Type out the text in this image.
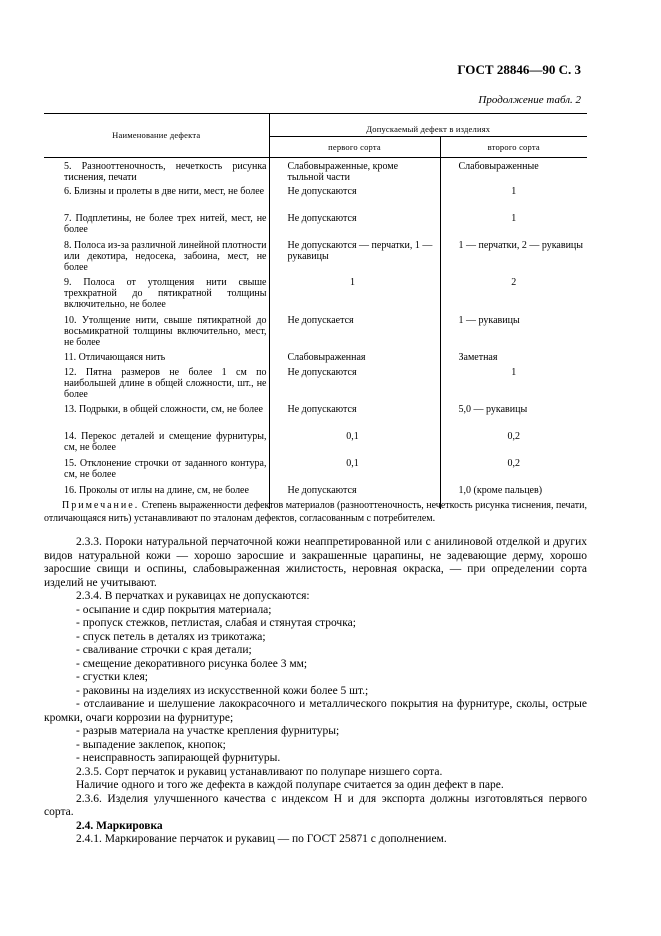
ГОСТ 28846—90 С. 3
Продолжение табл. 2
Наименование дефекта	Допускаемый дефект в изделиях	
	первого сорта	второго сорта
5. Разнооттеночность, нечеткость рисунка тиснения, печати	Слабовыраженные, кроме тыльной части	Слабовыраженные
6. Близны и пролеты в две нити, мест, не более	Не допускаются	1
7. Подплетины, не более трех нитей, мест, не более	Не допускаются	1
8. Полоса из-за различной линейной плотности или декотира, недосека, забоина, мест, не более	Не допускаются — перчатки, 1 — рукавицы	1 — перчатки, 2 — рукавицы
9. Полоса от утолщения нити свыше трехкратной до пятикратной толщины включительно, не более	1	2
10. Утолщение нити, свыше пятикратной до восьмикратной толщины включительно, мест, не более	Не допускается	1 — рукавицы
11. Отличающаяся нить	Слабовыраженная	Заметная
12. Пятна размеров не более 1 см по наибольшей длине в общей сложности, шт., не более	Не допускаются	1
13. Подрыки, в общей сложности, см, не более	Не допускаются	5,0 — рукавицы
14. Перекос деталей и смещение фурнитуры, см, не более	0,1	0,2
15. Отклонение строчки от заданного контура, см, не более	0,1	0,2
16. Проколы от иглы на длине, см, не более	Не допускаются	1,0 (кроме пальцев)
Примечание. Степень выраженности дефектов материалов (разнооттеночность, нечеткость рисунка тиснения, печати, отличающаяся нить) устанавливают по эталонам дефектов, согласованным с потребителем.

2.3.3. Пороки натуральной перчаточной кожи неаппретированной или с анилиновой отделкой и других видов натуральной кожи — хорошо заросшие и закрашенные царапины, не задевающие дерму, хорошо заросшие свищи и оспины, слабовыраженная жилистость, неровная окраска, — при определении сорта изделий не учитывают.

2.3.4. В перчатках и рукавицах не допускаются:

- осыпание и сдир покрытия материала;

- пропуск стежков, петлистая, слабая и стянутая строчка;

- спуск петель в деталях из трикотажа;

- сваливание строчки с края детали;

- смещение декоративного рисунка более 3 мм;

- сгустки клея;

- раковины на изделиях из искусственной кожи более 5 шт.;

- отслаивание и шелушение лакокрасочного и металлического покрытия на фурнитуре, сколы, острые кромки, очаги коррозии на фурнитуре;

- разрыв материала на участке крепления фурнитуры;

- выпадение заклепок, кнопок;

- неисправность запирающей фурнитуры.

2.3.5. Сорт перчаток и рукавиц устанавливают по полупаре низшего сорта.

Наличие одного и того же дефекта в каждой полупаре считается за один дефект в паре.

2.3.6. Изделия улучшенного качества с индексом Н и для экспорта должны изготовляться первого сорта.

2.4. Маркировка

2.4.1. Маркирование перчаток и рукавиц — по ГОСТ 25871 с дополнением.
